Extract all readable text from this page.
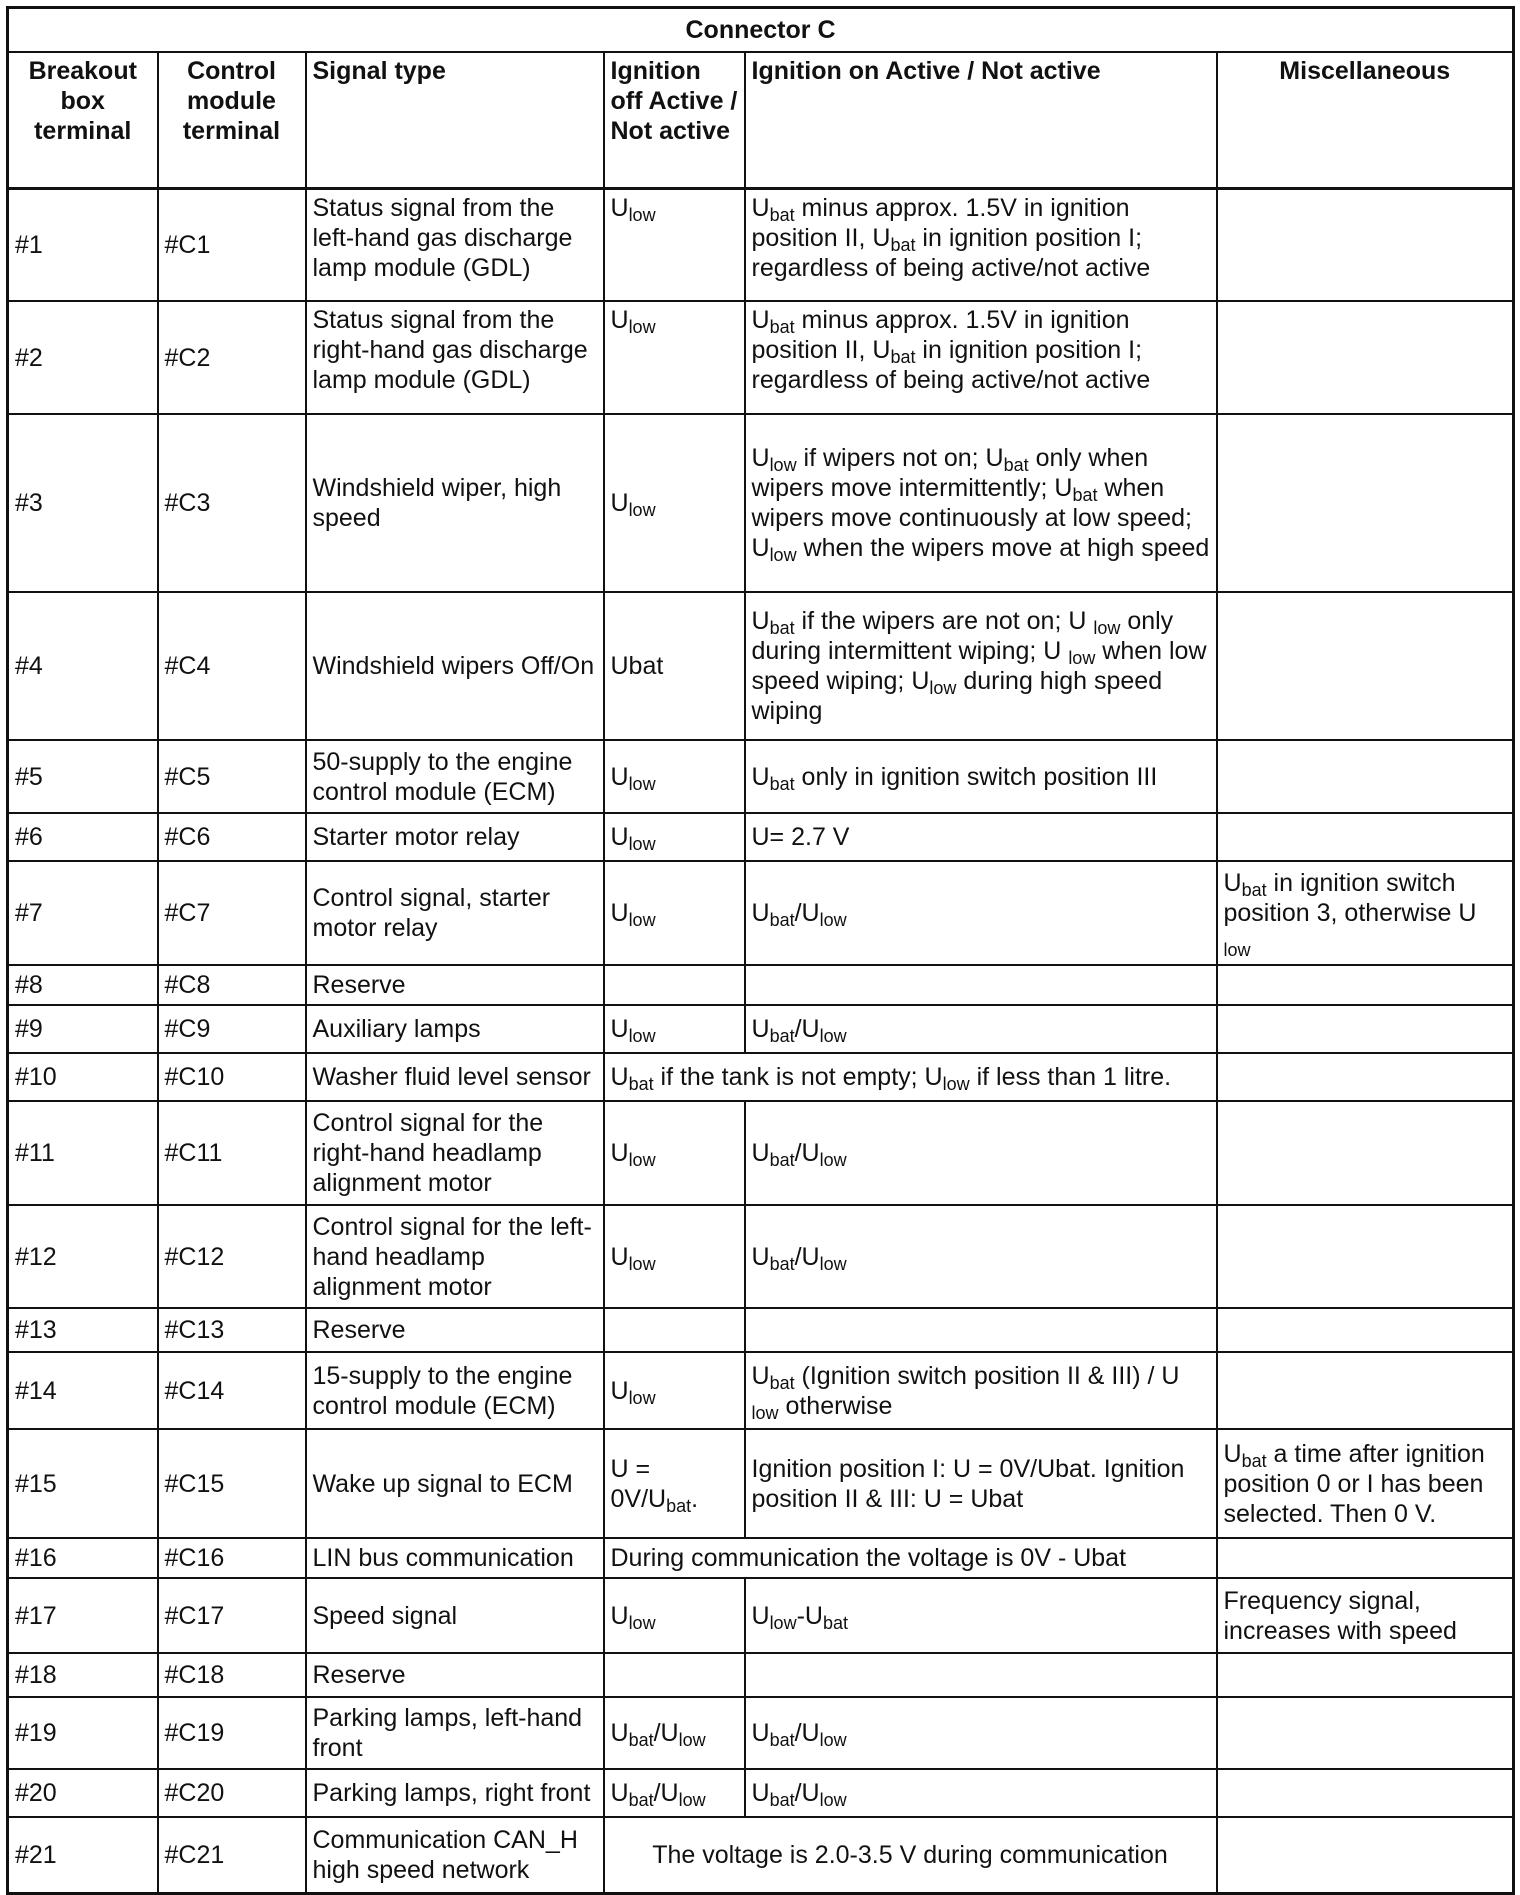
Connector C					
Breakout box terminal	Control module terminal	Signal type	Ignition off Active / Not active	Ignition on Active / Not active	Miscellaneous
#1	#C1	Status signal from the left-hand gas discharge lamp module (GDL)	$U_{low}$	$U_{bat}$ minus approx. 1.5V in ignition position II, $U_{bat}$ in ignition position I; regardless of being active/not active	
#2	#C2	Status signal from the right-hand gas discharge lamp module (GDL)	$U_{low}$	$U_{bat}$ minus approx. 1.5V in ignition position II, $U_{bat}$ in ignition position I; regardless of being active/not active	
#3	#C3	Windshield wiper, high speed	$U_{low}$	$U_{low}$ if wipers not on; $U_{bat}$ only when wipers move intermittently; $U_{bat}$ when wipers move continuously at low speed; $U_{low}$ when the wipers move at high speed	
#4	#C4	Windshield wipers Off/On	Ubat	$U_{bat}$ if the wipers are not on; U $_{low}$ only during intermittent wiping; U $_{low}$ when low speed wiping; $U_{low}$ during high speed wiping	
#5	#C5	50-supply to the engine control module (ECM)	$U_{low}$	$U_{bat}$ only in ignition switch position III	
#6	#C6	Starter motor relay	$U_{low}$	U= 2.7 V	
#7	#C7	Control signal, starter motor relay	$U_{low}$	$U_{bat}/U_{low}$	$U_{bat}$ in ignition switch position 3, otherwise U $_{low}$
#8	#C8	Reserve			
#9	#C9	Auxiliary lamps	$U_{low}$	$U_{bat}/U_{low}$	
#10	#C10	Washer fluid level sensor	$U_{bat}$ if the tank is not empty; $U_{low}$ if less than 1 litre.		
#11	#C11	Control signal for the right-hand headlamp alignment motor	$U_{low}$	$U_{bat}/U_{low}$	
#12	#C12	Control signal for the left-hand headlamp alignment motor	$U_{low}$	$U_{bat}/U_{low}$	
#13	#C13	Reserve			
#14	#C14	15-supply to the engine control module (ECM)	$U_{low}$	$U_{bat}$ (Ignition switch position II & III) / U $_{low}$ otherwise	
#15	#C15	Wake up signal to ECM	$U = 0V/U_{bat}$.	Ignition position I: U = 0V/Ubat. Ignition position II & III: U = Ubat	$U_{bat}$ a time after ignition position 0 or I has been selected. Then 0 V.
#16	#C16	LIN bus communication	During communication the voltage is 0V - Ubat		
#17	#C17	Speed signal	$U_{low}$	$U_{low}-U_{bat}$	Frequency signal, increases with speed
#18	#C18	Reserve			
#19	#C19	Parking lamps, left-hand front	$U_{bat}/U_{low}$	$U_{bat}/U_{low}$	
#20	#C20	Parking lamps, right front	$U_{bat}/U_{low}$	$U_{bat}/U_{low}$	
#21	#C21	Communication CAN_H high speed network	The voltage is 2.0-3.5 V during communication		
